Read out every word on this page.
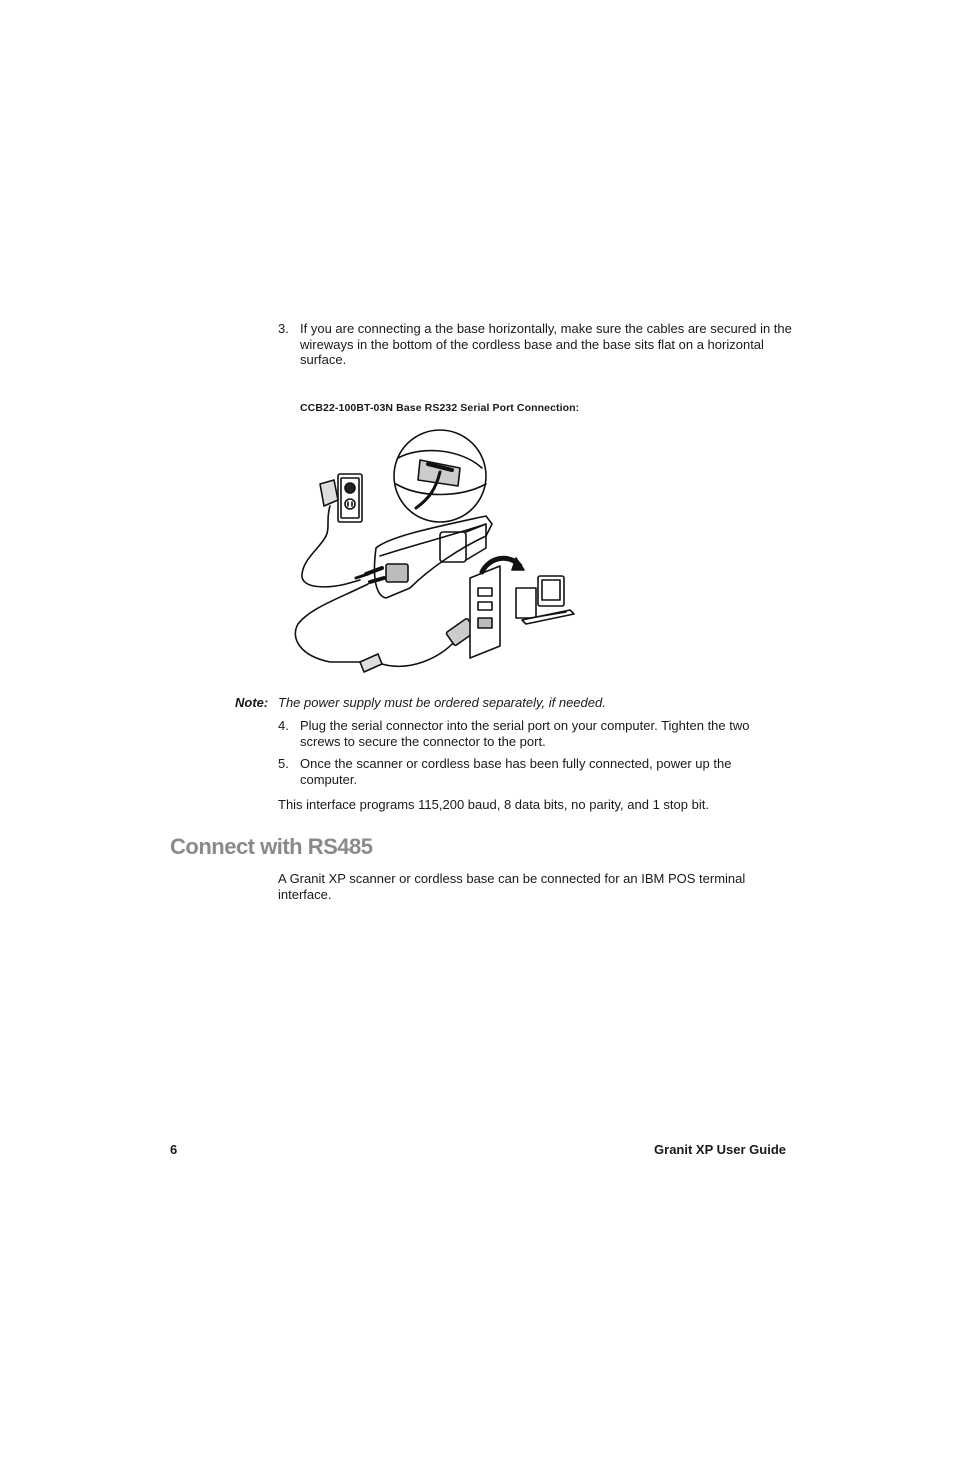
3. If you are connecting a the base horizontally, make sure the cables are secured in the wireways in the bottom of the cordless base and the base sits flat on a horizontal surface.
CCB22-100BT-03N Base RS232 Serial Port Connection:
Note: The power supply must be ordered separately, if needed.
4. Plug the serial connector into the serial port on your computer. Tighten the two screws to secure the connector to the port.
5. Once the scanner or cordless base has been fully connected, power up the computer.
This interface programs 115,200 baud, 8 data bits, no parity, and 1 stop bit.
Connect with RS485
A Granit XP scanner or cordless base can be connected for an IBM POS terminal interface.
6	Granit XP User Guide
